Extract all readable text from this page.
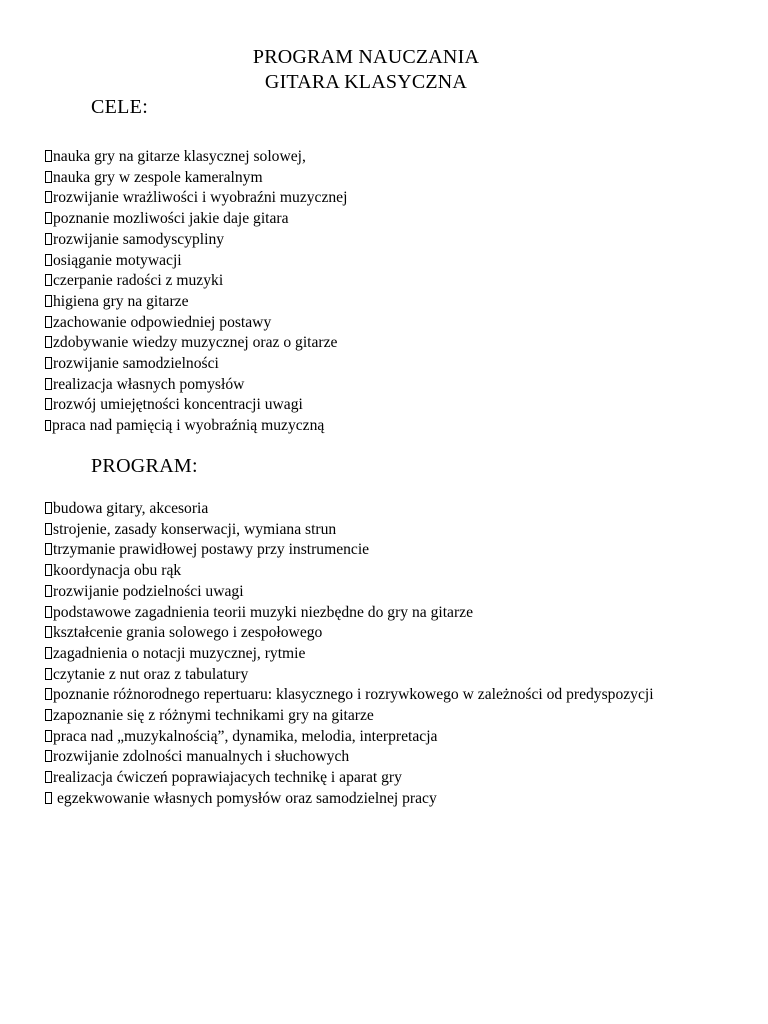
PROGRAM NAUCZANIA
GITARA KLASYCZNA
CELE:
nauka gry na gitarze klasycznej solowej,
nauka gry w zespole kameralnym
rozwijanie wrażliwości i wyobraźni muzycznej
poznanie mozliwości jakie daje gitara
rozwijanie samodyscypliny
osiąganie motywacji
czerpanie radości z muzyki
higiena gry na gitarze
zachowanie odpowiedniej postawy
zdobywanie wiedzy muzycznej oraz o gitarze
rozwijanie samodzielności
realizacja własnych pomysłów
rozwój umiejętności koncentracji uwagi
praca nad pamięcią i wyobraźnią muzyczną
PROGRAM:
budowa gitary, akcesoria
strojenie, zasady konserwacji, wymiana strun
trzymanie prawidłowej postawy przy instrumencie
koordynacja obu rąk
rozwijanie podzielności uwagi
podstawowe zagadnienia teorii muzyki niezbędne do gry na gitarze
kształcenie grania solowego i zespołowego
zagadnienia o notacji muzycznej, rytmie
czytanie z nut oraz z tabulatury
poznanie różnorodnego repertuaru: klasycznego i rozrywkowego w zależności od predyspozycji
zapoznanie się z różnymi technikami gry na gitarze
praca nad „muzykalnością”, dynamika, melodia, interpretacja
rozwijanie zdolności manualnych i słuchowych
realizacja ćwiczeń poprawiajacych technikę i aparat gry
egzekwowanie własnych pomysłów oraz samodzielnej pracy
